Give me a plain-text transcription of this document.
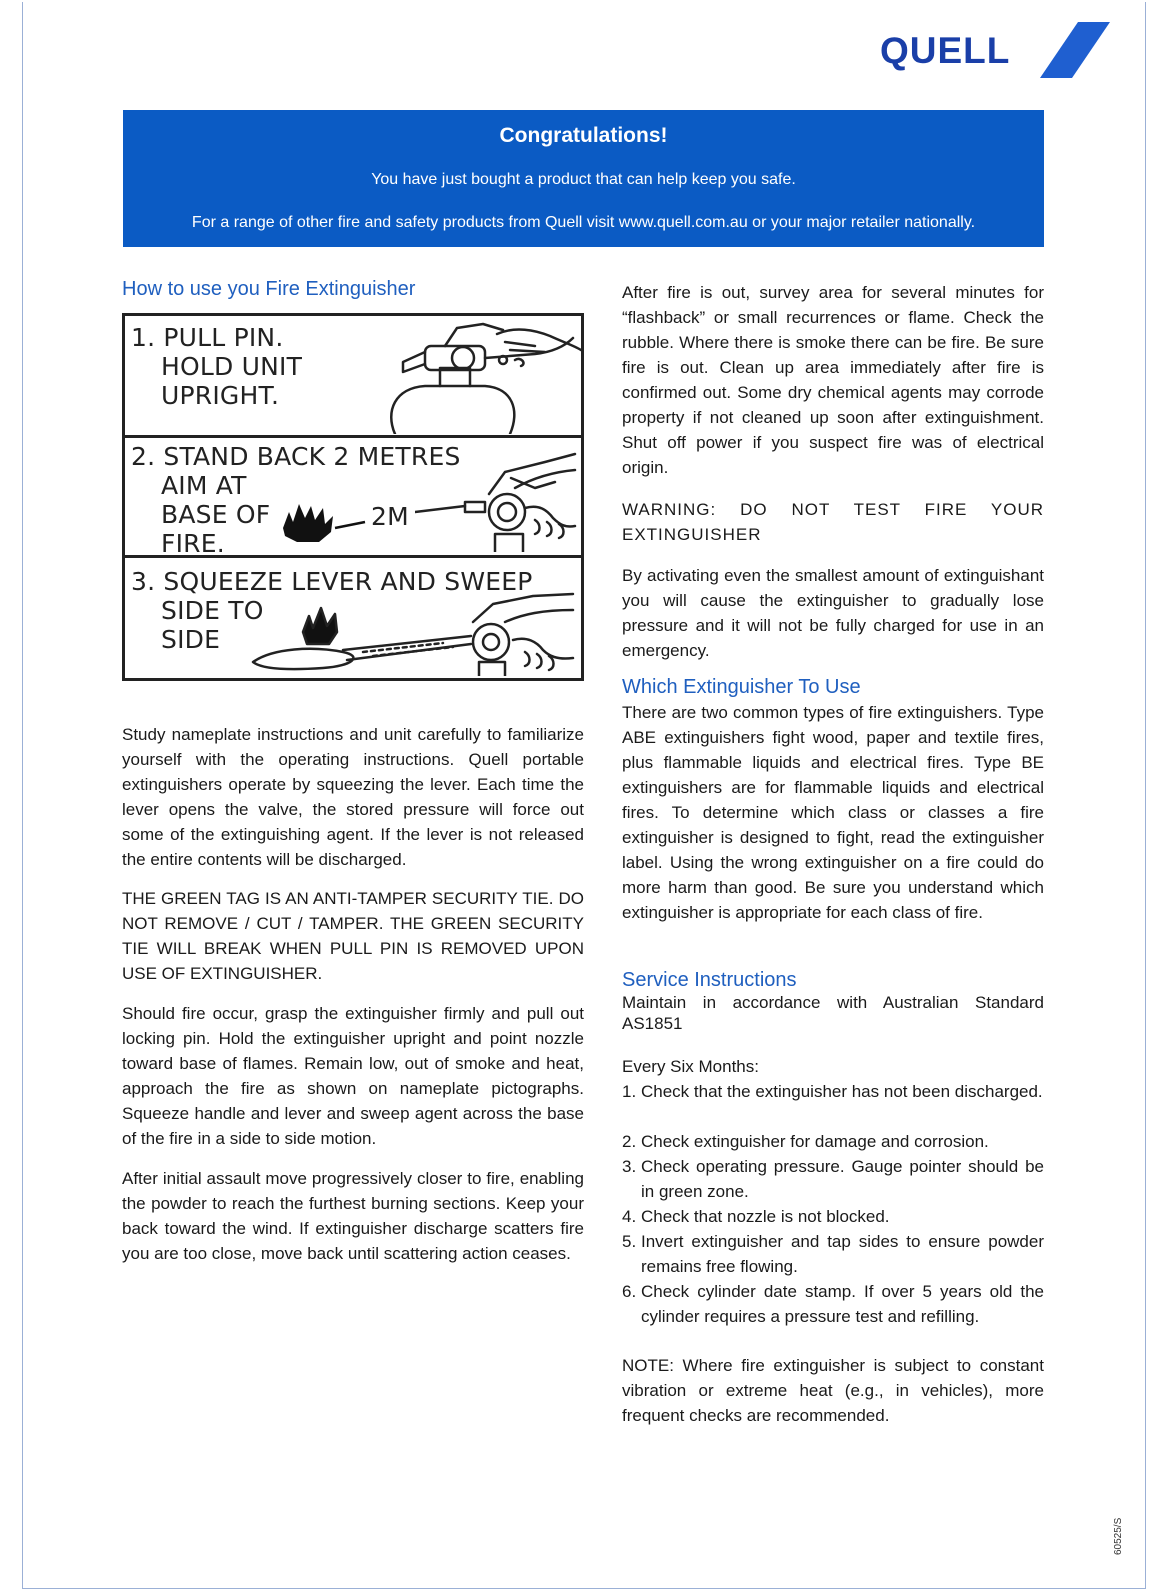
QUELL
Congratulations!
You have just bought a product that can help keep you safe.
For a range of other fire and safety products from Quell visit www.quell.com.au or your major retailer nationally.
How to use you Fire Extinguisher
1. PULL PIN.
HOLD UNIT
UPRIGHT.
2. STAND BACK 2 METRES
AIM AT
BASE OF
FIRE.
2M
3. SQUEEZE LEVER AND SWEEP
SIDE TO
SIDE
Study nameplate instructions and unit carefully to familiarize yourself with the operating instructions. Quell portable extinguishers operate by squeezing the lever. Each time the lever opens the valve, the stored pressure will force out some of the extinguishing agent. If the lever is not released the entire contents will be discharged.
THE GREEN TAG IS AN ANTI-TAMPER SECURITY TIE. DO NOT REMOVE / CUT / TAMPER. THE GREEN SECURITY TIE WILL BREAK WHEN PULL PIN IS REMOVED UPON USE OF EXTINGUISHER.
Should fire occur, grasp the extinguisher firmly and pull out locking pin. Hold the extinguisher upright and point nozzle toward base of flames. Remain low, out of smoke and heat, approach the fire as shown on nameplate pictographs. Squeeze handle and lever and sweep agent across the base of the fire in a side to side motion.
After initial assault move progressively closer to fire, enabling the powder to reach the furthest burning sections. Keep your back toward the wind. If extinguisher discharge scatters fire you are too close, move back until scattering action ceases.
After fire is out, survey area for several minutes for “flashback” or small recurrences or flame. Check the rubble. Where there is smoke there can be fire. Be sure fire is out. Clean up area immediately after fire is confirmed out. Some dry chemical agents may corrode property if not cleaned up soon after extinguishment. Shut off power if you suspect fire was of electrical origin.
WARNING: DO NOT TEST FIRE YOUR EXTINGUISHER
By activating even the smallest amount of extinguishant you will cause the extinguisher to gradually lose pressure and it will not be fully charged for use in an emergency.
Which Extinguisher To Use
There are two common types of fire extinguishers. Type ABE extinguishers fight wood, paper and textile fires, plus flammable liquids and electrical fires. Type BE extinguishers are for flammable liquids and electrical fires. To determine which class or classes a fire extinguisher is designed to fight, read the extinguisher label. Using the wrong extinguisher on a fire could do more harm than good. Be sure you understand which extinguisher is appropriate for each class of fire.
Service Instructions
Maintain in accordance with Australian Standard AS1851
Every Six Months:
1. Check that the extinguisher has not been discharged.
2. Check extinguisher for damage and corrosion.
3. Check operating pressure. Gauge pointer should be in green zone.
4. Check that nozzle is not blocked.
5. Invert extinguisher and tap sides to ensure powder remains free flowing.
6. Check cylinder date stamp. If over 5 years old the cylinder requires a pressure test and refilling.
NOTE: Where fire extinguisher is subject to constant vibration or extreme heat (e.g., in vehicles), more frequent checks are recommended.
60525/S
